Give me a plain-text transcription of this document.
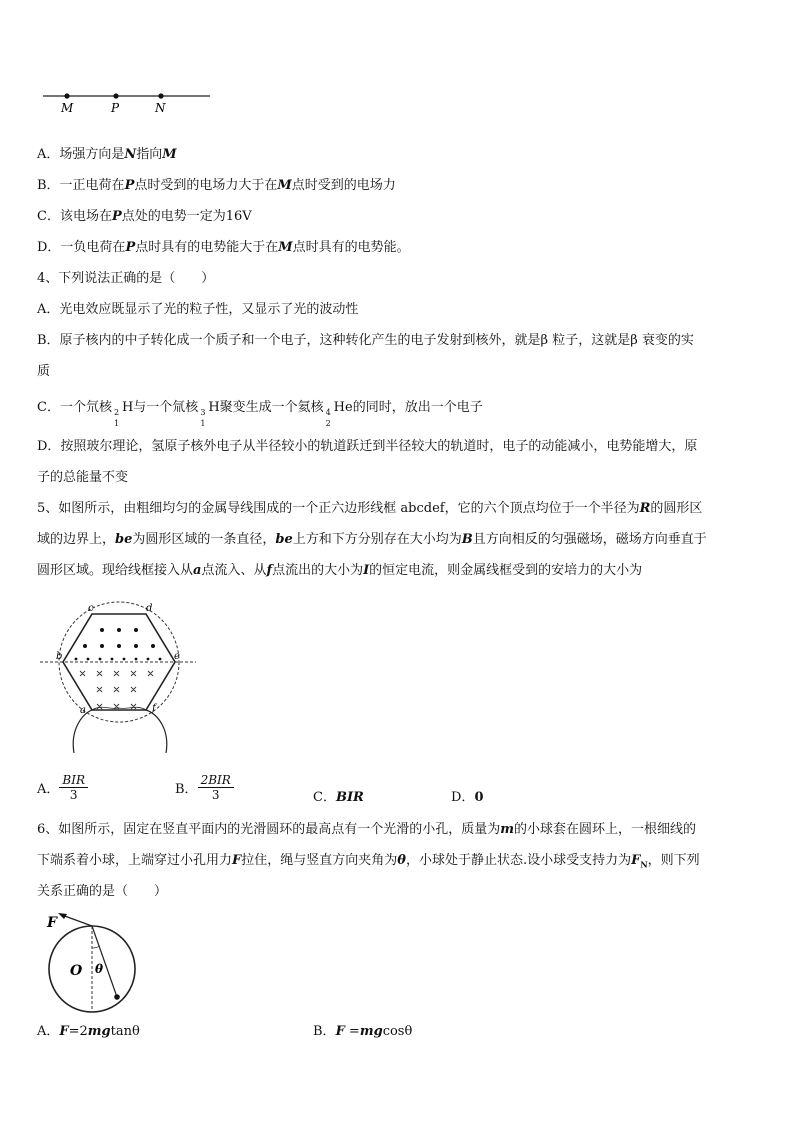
M	P	N
A．场强方向是N指向M
B．一正电荷在P点时受到的电场力大于在M点时受到的电场力
C．该电场在P点处的电势一定为16V
D．一负电荷在P点时具有的电势能大于在M点时具有的电势能。
4、下列说法正确的是（　　）
A．光电效应既显示了光的粒子性，又显示了光的波动性
B．原子核内的中子转化成一个质子和一个电子，这种转化产生的电子发射到核外，就是β 粒子，这就是β 衰变的实
质
C．一个氘核 2
1
H与一个氚核 3
1
H聚变生成一个氦核 4
2
He的同时，放出一个电子
D．按照玻尔理论，氢原子核外电子从半径较小的轨道跃迁到半径较大的轨道时，电子的动能减小，电势能增大，原
子的总能量不变
5、如图所示，由粗细均匀的金属导线围成的一个正六边形线框 abcdef，它的六个顶点均位于一个半径为R的圆形区
域的边界上，be为圆形区域的一条直径，be上方和下方分别存在大小均为B且方向相反的匀强磁场，磁场方向垂直于
圆形区域。现给线框接入从a点流入、从f点流出的大小为I的恒定电流，则金属线框受到的安培力的大小为
c	d
b	e
a	f
A． $\frac{\text{BIR}}{3}$	B． $\frac{\text{2BIR}}{3}$	C．BIR	D．0
6、如图所示，固定在竖直平面内的光滑圆环的最高点有一个光滑的小孔，质量为m的小球套在圆环上，一根细线的
下端系着小球，上端穿过小孔用力F拉住，绳与竖直方向夹角为θ，小球处于静止状态.设小球受支持力为$F_N$，则下列
关系正确的是（　　）
F
O θ
A．F=2mgtanθ	B．F =mgcosθ
